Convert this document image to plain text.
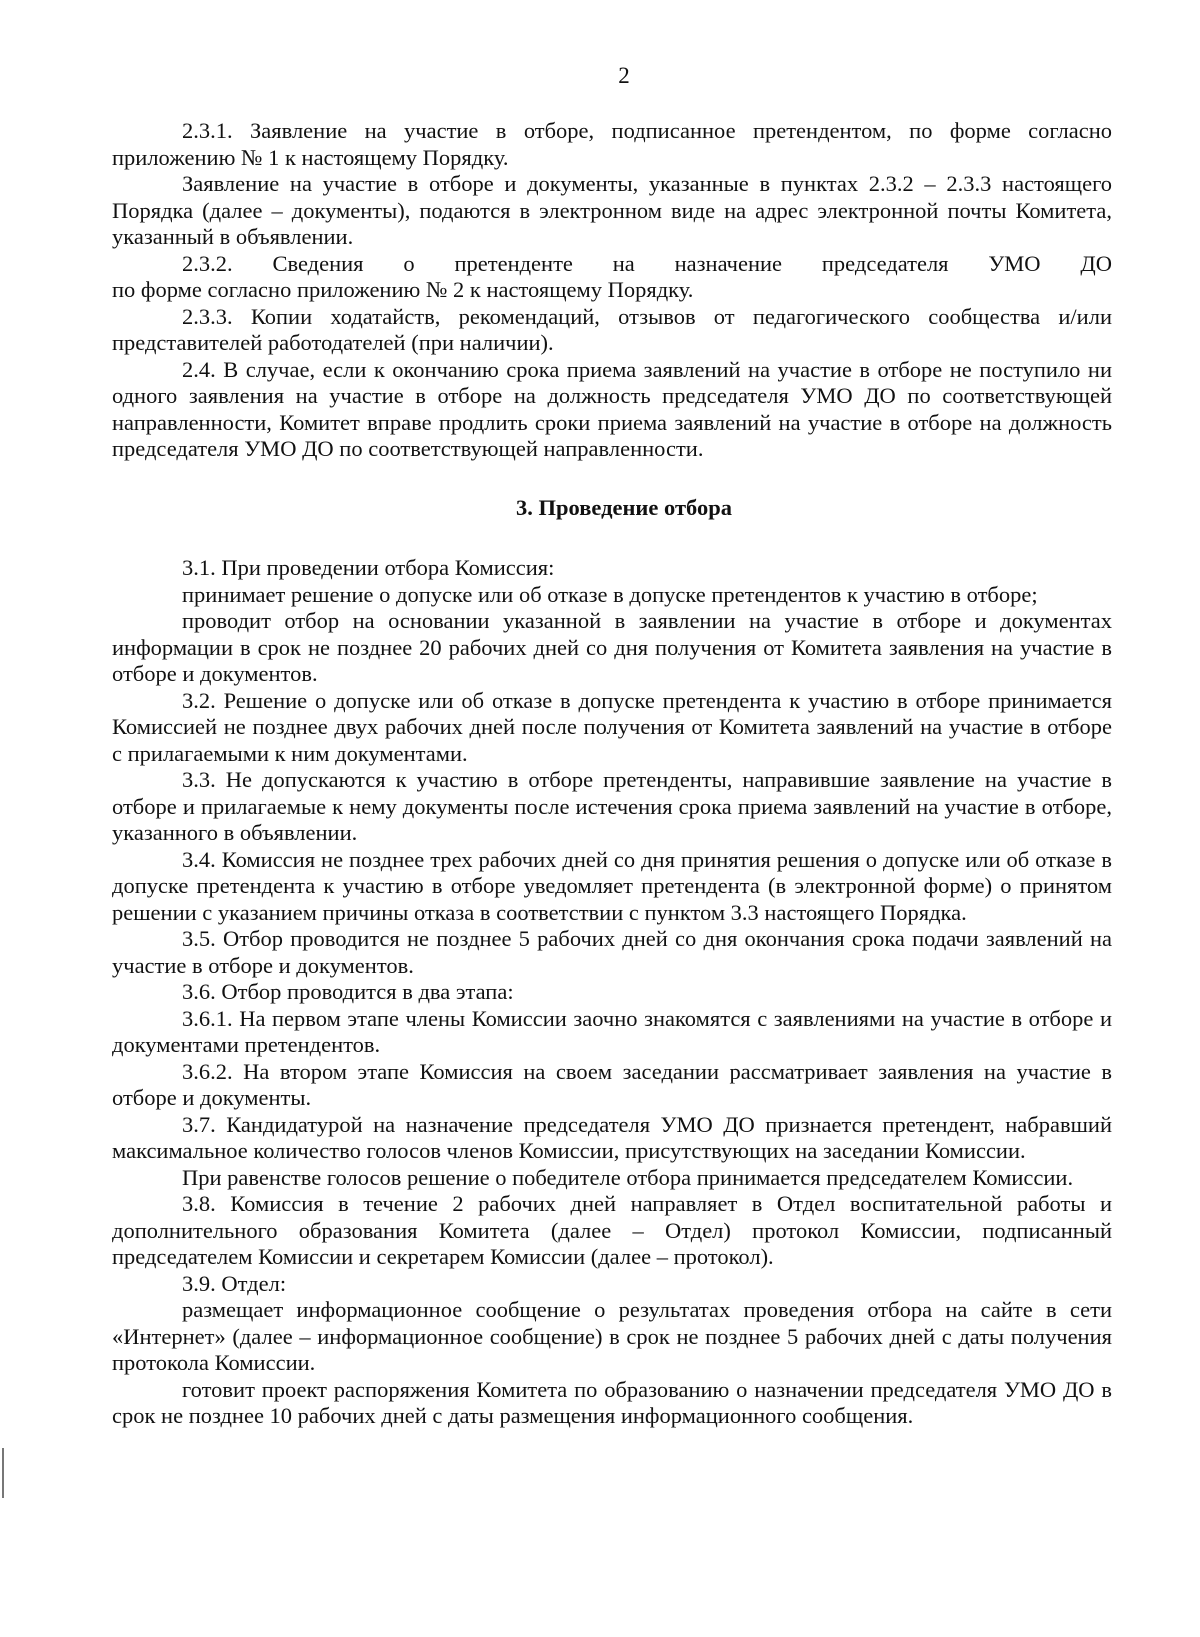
2

2.3.1. Заявление на участие в отборе, подписанное претендентом, по форме согласно приложению № 1 к настоящему Порядку.

Заявление на участие в отборе и документы, указанные в пунктах 2.3.2 – 2.3.3 настоящего Порядка (далее – документы), подаются в электронном виде на адрес электронной почты Комитета, указанный в объявлении.

2.3.2. Сведения о претенденте на назначение председателя УМО ДО

по форме согласно приложению № 2 к настоящему Порядку.

2.3.3. Копии ходатайств, рекомендаций, отзывов от педагогического сообщества и/или представителей работодателей (при наличии).

2.4. В случае, если к окончанию срока приема заявлений на участие в отборе не поступило ни одного заявления на участие в отборе на должность председателя УМО ДО по соответствующей направленности, Комитет вправе продлить сроки приема заявлений на участие в отборе на должность председателя УМО ДО по соответствующей направленности.

3. Проведение отбора

3.1. При проведении отбора Комиссия:

принимает решение о допуске или об отказе в допуске претендентов к участию в отборе;

проводит отбор на основании указанной в заявлении на участие в отборе и документах информации в срок не позднее 20 рабочих дней со дня получения от Комитета заявления на участие в отборе и документов.

3.2. Решение о допуске или об отказе в допуске претендента к участию в отборе принимается Комиссией не позднее двух рабочих дней после получения от Комитета заявлений на участие в отборе с прилагаемыми к ним документами.

3.3. Не допускаются к участию в отборе претенденты, направившие заявление на участие в отборе и прилагаемые к нему документы после истечения срока приема заявлений на участие в отборе, указанного в объявлении.

3.4. Комиссия не позднее трех рабочих дней со дня принятия решения о допуске или об отказе в допуске претендента к участию в отборе уведомляет претендента (в электронной форме) о принятом решении с указанием причины отказа в соответствии с пунктом 3.3 настоящего Порядка.

3.5. Отбор проводится не позднее 5 рабочих дней со дня окончания срока подачи заявлений на участие в отборе и документов.

3.6. Отбор проводится в два этапа:

3.6.1. На первом этапе члены Комиссии заочно знакомятся с заявлениями на участие в отборе и документами претендентов.

3.6.2. На втором этапе Комиссия на своем заседании рассматривает заявления на участие в отборе и документы.

3.7. Кандидатурой на назначение председателя УМО ДО признается претендент, набравший максимальное количество голосов членов Комиссии, присутствующих на заседании Комиссии.

При равенстве голосов решение о победителе отбора принимается председателем Комиссии.

3.8. Комиссия в течение 2 рабочих дней направляет в Отдел воспитательной работы и дополнительного образования Комитета (далее – Отдел) протокол Комиссии, подписанный председателем Комиссии и секретарем Комиссии (далее – протокол).

3.9. Отдел:

размещает информационное сообщение о результатах проведения отбора на сайте в сети «Интернет» (далее – информационное сообщение) в срок не позднее 5 рабочих дней с даты получения протокола Комиссии.

готовит проект распоряжения Комитета по образованию о назначении председателя УМО ДО в срок не позднее 10 рабочих дней с даты размещения информационного сообщения.
